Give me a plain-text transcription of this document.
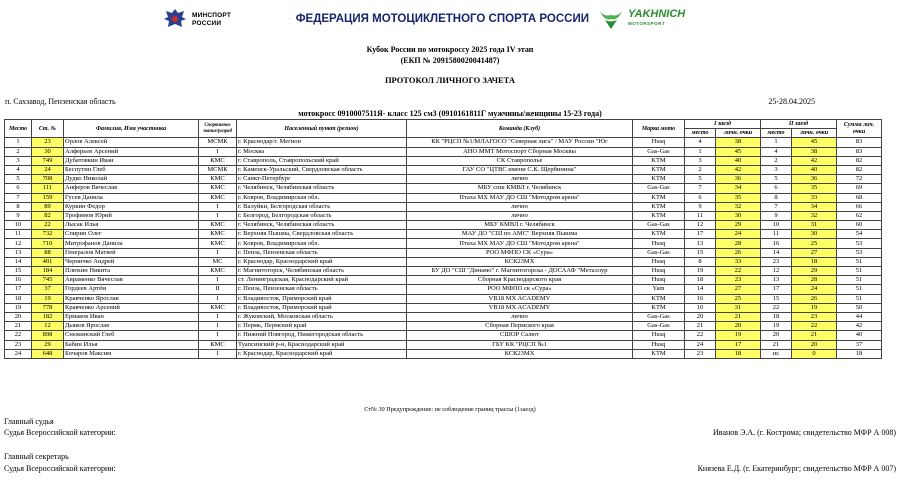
МИНСПОРТ
РОССИИ	ФЕДЕРАЦИЯ МОТОЦИКЛЕТНОГО СПОРТА РОССИИ	YAKHNICH
MOTORSPORT
Кубок России по мотокроссу 2025 года IV этап
(ЕКП № 2091580020041487)
ПРОТОКОЛ ЛИЧНОГО ЗАЧЕТА
п. Сахзавод, Пензенская область	25-28.04.2025
мотокросс 0910007511Я- класс 125 см3 (0910161811Г мужчины/женщины 15-23 года)
Место	Ст. №	Фамилия, Имя участника	Спортивное звание/разряд	Населенный пункт (регион)	Команда (Клуб)	Марка мото	I заезд		II заезд		Сумма лич. очки
							место	личн. очки	место	личн. очки	
1	23	Орлов Алексей	МСМК	г. Краснодар/г. Мегион	КК "РЦСП №1/МЛАГОСО "Северная лига" / МАУ России "Юг	Husq	4	38	1	45	83
2	30	Алферьев Арсений	I	г. Москва	АНО ММТ Мотоспорт Сборная Москвы	Gas-Gas	1	45	4	38	83
3	749	Дубатовкин Иван	КМС	г. Ставрополь, Ставропольский край	СК Ставрополье	KTM	3	40	2	42	82
4	24	Беспутин Глеб	МСМК	г. Каменск-Уральский, Свердловская область	ГАУ СО "ЦТВС имени С.К. Щербинина"	KTM	2	42	3	40	82
5	708	Дудко Николай	КМС	г. Санкт-Петербург	лично	KTM	5	36	5	36	72
6	111	Анферов Вячеслав	КМС	г. Челябинск, Челябинская область	МБУ спш КМВЛ г. Челябинск	Gas-Gas	7	34	6	35	69
7	159	Гусев Данила	КМС	г. Ковров, Владимирская обл.	Птаха МХ МАУ ДО СШ "Мотодром арена"	KTM	6	35	8	33	68
8	89	Куркин Федор	I	г. Валуйки, Белгородская область	лично	KTM	9	32	7	34	66
9	82	Трофимов Юрий	I	г. Белгород, Белгородская область	лично	KTM	11	30	9	32	62
10	22	Лысак Илья	КМС	г. Челябинск, Челябинская область	МБУ КМВЛ г. Челябинск	Gas-Gas	12	29	10	31	60
11	732	Спирин Олег	КМС	г. Верхняя Пышма, Свердловская область	МАУ ДО "СШ по АМС" Верхняя Пышма	KTM	17	24	11	30	54
12	710	Митрофанов Данила	КМС	г. Ковров, Владимирская обл.	Птаха МХ МАУ ДО СШ "Мотодром арена"	Husq	13	28	16	25	53
13	88	Генералов Матвей	I	г. Пенза, Пензенская область	РОО МФПО СК «Сура»	Gas-Gas	15	26	14	27	53
14	401	Черничко Андрей	МС	г. Краснодар, Краснодарский край	КСК23МХ	Husq	8	33	23	18	51
15	184	Плюхин Никита	КМС	г. Магнитогорск, Челябинская область	БУ ДО "СШ "Динамо" г. Магнитогорска - ДОСААФ "Металлур	Husq	19	22	12	29	51
16	745	Авраменко Вячеслав	I	ст. Ленинградская, Краснодарский край	Сборная Краснодарского края	Husq	18	23	13	28	51
17	37	Гордеев Артём	II	г. Пенза, Пензенская область	РОО МФПО ск «Сура»	Yam	14	27	17	24	51
18	19	Кравченко Ярослав	I	г. Владивосток, Приморский край	VB18 MX ACADEMY	KTM	16	25	15	26	51
19	778	Кравченко Арсений	КМС	г. Владивосток, Приморский край	VB18 MX ACADEMY	KTM	10	31	22	19	50
20	182	Ермаков Иван	I	г. Жуковский, Московская область	лично	Gas-Gas	20	21	18	23	44
21	12	Дьяков Ярослав	I	г. Пермь, Пермский край	Сборная Пермского края	Gas-Gas	21	20	19	22	42
22	898	Снежинский Глеб	I	г. Нижний Новгород, Нижегородская область	СШОР Салют	Husq	22	19	20	21	40
23	29	Бабин Илья	КМС	Туапсинский р-н, Краснодарский край	ГБУ КК "РЦСП №1	Husq	24	17	21	20	37
24	648	Бочаров Максим	I	г. Краснодар, Краснодарский край	КСК23МХ	KTM	23	18	нс	0	18
Ст№ 30 Предупреждение: не соблюдение границ трассы (1заезд)
Главный судья
Судья Всероссийской категории:	Иванов Э.А. (г. Кострома; свидетельство МФР А 008)
Главный секретарь
Судья Всероссийской категории:	Князева Е.Д. (г. Екатеринбург; свидетельство МФР А 007)
